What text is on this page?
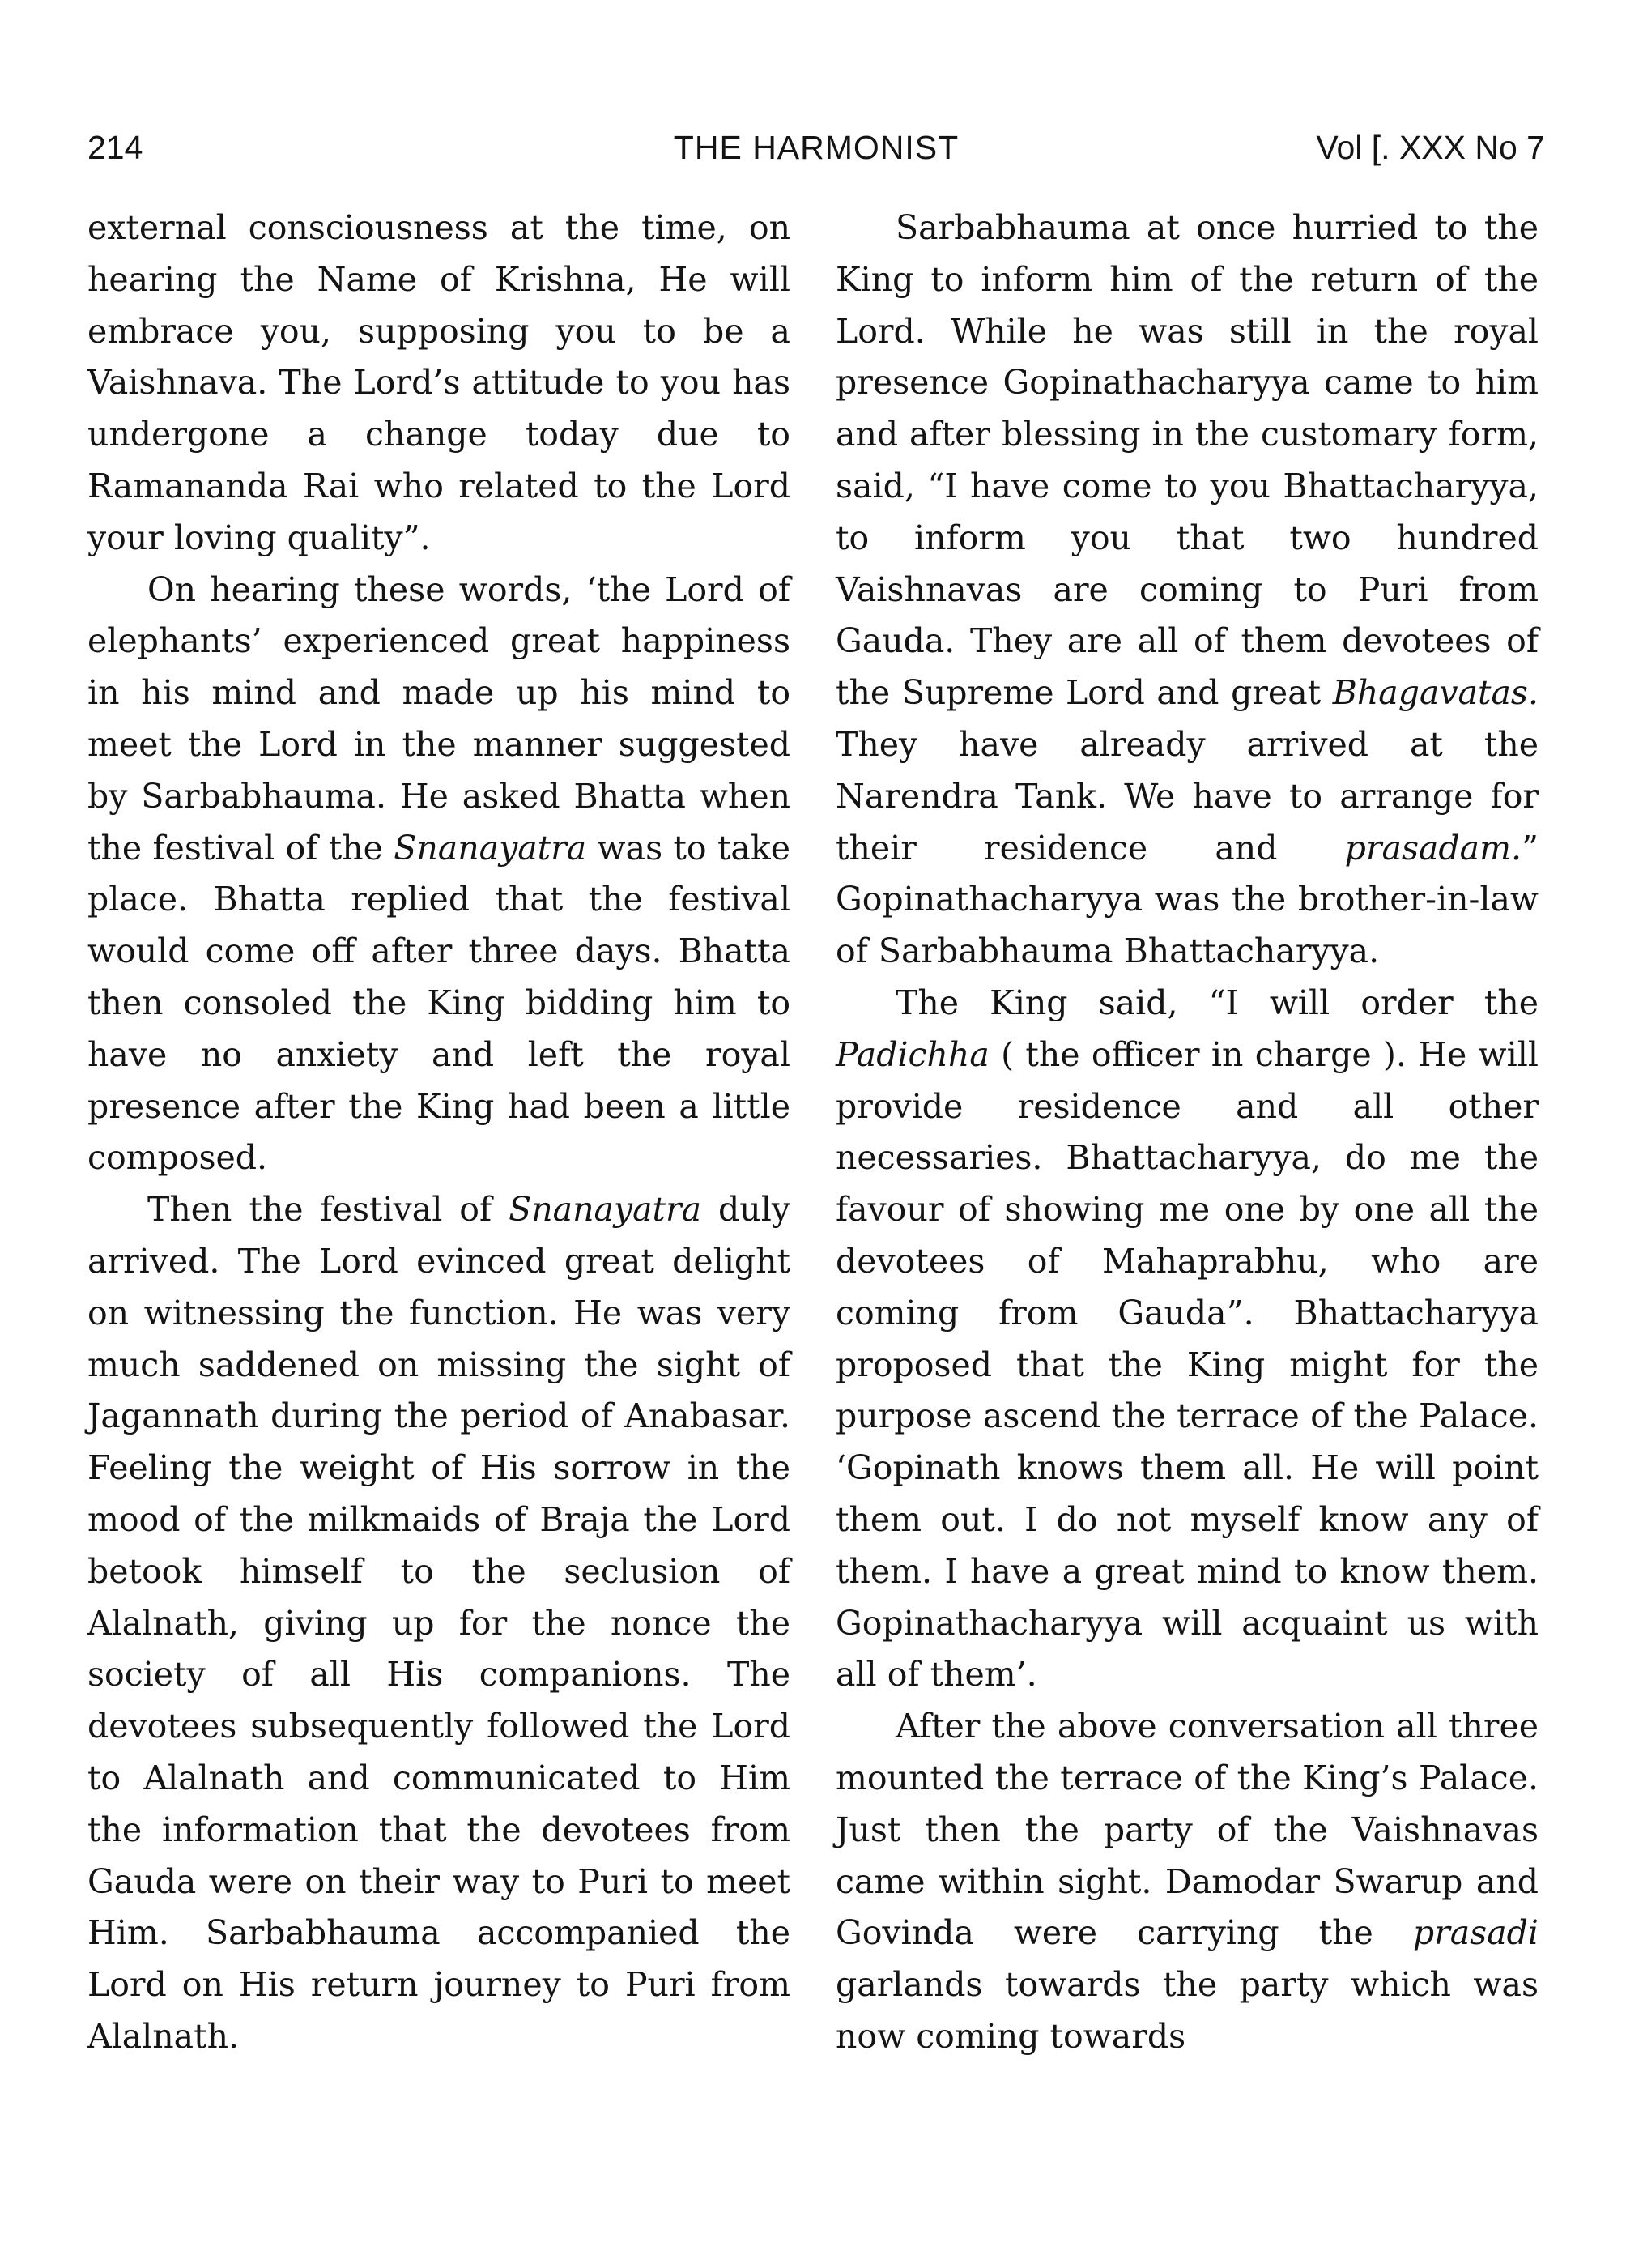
214	THE HARMONIST	Vol [. XXX No 7

external consciousness at the time, on hearing the Name of Krishna, He will embrace you, supposing you to be a Vaishnava. The Lord’s attitude to you has undergone a change today due to Ramananda Rai who related to the Lord your loving quality”.

On hearing these words, ‘the Lord of elephants’ experienced great happiness in his mind and made up his mind to meet the Lord in the manner suggested by Sarbabhauma. He asked Bhatta when the festival of the Snanayatra was to take place. Bhatta replied that the festival would come off after three days. Bhatta then consoled the King bidding him to have no anxiety and left the royal presence after the King had been a little composed.

Then the festival of Snanayatra duly arrived. The Lord evinced great delight on witnessing the function. He was very much saddened on missing the sight of Jagannath during the period of Anabasar. Feeling the weight of His sorrow in the mood of the milkmaids of Braja the Lord betook himself to the seclusion of Alalnath, giving up for the nonce the society of all His companions. The devotees subsequently followed the Lord to Alalnath and communicated to Him the information that the devotees from Gauda were on their way to Puri to meet Him. Sarbabhauma accompanied the Lord on His return journey to Puri from Alalnath.

Sarbabhauma at once hurried to the King to inform him of the return of the Lord. While he was still in the royal presence Gopinathacharyya came to him and after blessing in the customary form, said, “I have come to you Bhattacharyya, to inform you that two hundred Vaishnavas are coming to Puri from Gauda. They are all of them devotees of the Supreme Lord and great Bhagavatas. They have already arrived at the Narendra Tank. We have to arrange for their residence and prasadam.” Gopinathacharyya was the brother-in-law of Sarbabhauma Bhattacharyya.

The King said, “I will order the Padichha ( the officer in charge ). He will provide residence and all other necessaries. Bhattacharyya, do me the favour of showing me one by one all the devotees of Mahaprabhu, who are coming from Gauda”. Bhattacharyya proposed that the King might for the purpose ascend the terrace of the Palace. ‘Gopinath knows them all. He will point them out. I do not myself know any of them. I have a great mind to know them. Gopinathacharyya will acquaint us with all of them’.

After the above conversation all three mounted the terrace of the King’s Palace. Just then the party of the Vaishnavas came within sight. Damodar Swarup and Govinda were carrying the prasadi garlands towards the party which was now coming towards
